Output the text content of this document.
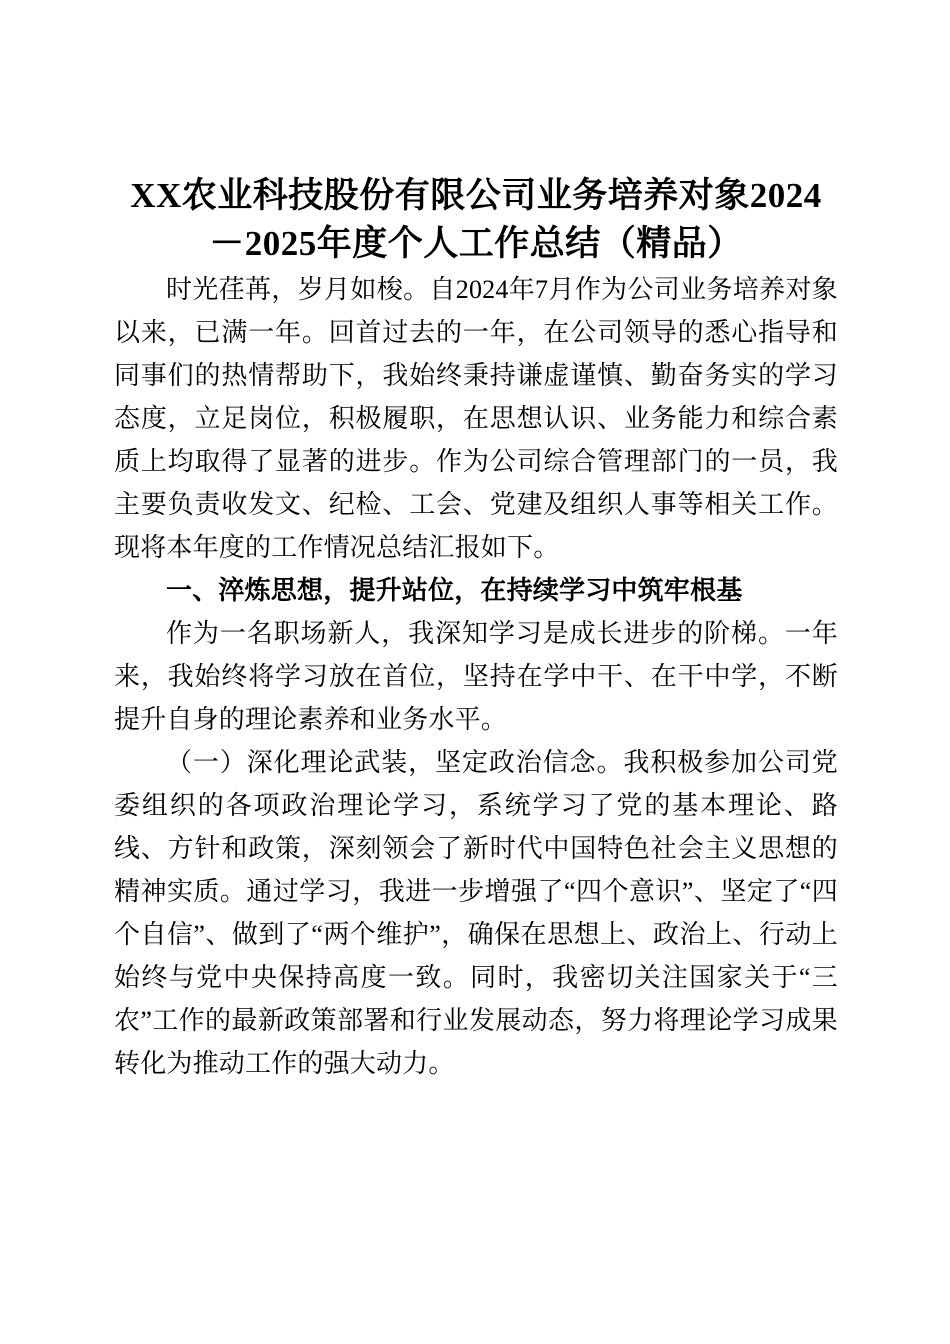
XX农业科技股份有限公司业务培养对象2024－2025年度个人工作总结（精品）

时光荏苒，岁月如梭。自2024年7月作为公司业务培养对象以来，已满一年。回首过去的一年，在公司领导的悉心指导和同事们的热情帮助下，我始终秉持谦虚谨慎、勤奋务实的学习态度，立足岗位，积极履职，在思想认识、业务能力和综合素质上均取得了显著的进步。作为公司综合管理部门的一员，我主要负责收发文、纪检、工会、党建及组织人事等相关工作。现将本年度的工作情况总结汇报如下。

一、淬炼思想，提升站位，在持续学习中筑牢根基

作为一名职场新人，我深知学习是成长进步的阶梯。一年来，我始终将学习放在首位，坚持在学中干、在干中学，不断提升自身的理论素养和业务水平。

（一）深化理论武装，坚定政治信念。我积极参加公司党委组织的各项政治理论学习，系统学习了党的基本理论、路线、方针和政策，深刻领会了新时代中国特色社会主义思想的精神实质。通过学习，我进一步增强了“四个意识”、坚定了“四个自信”、做到了“两个维护”，确保在思想上、政治上、行动上始终与党中央保持高度一致。同时，我密切关注国家关于“三农”工作的最新政策部署和行业发展动态，努力将理论学习成果转化为推动工作的强大动力。
